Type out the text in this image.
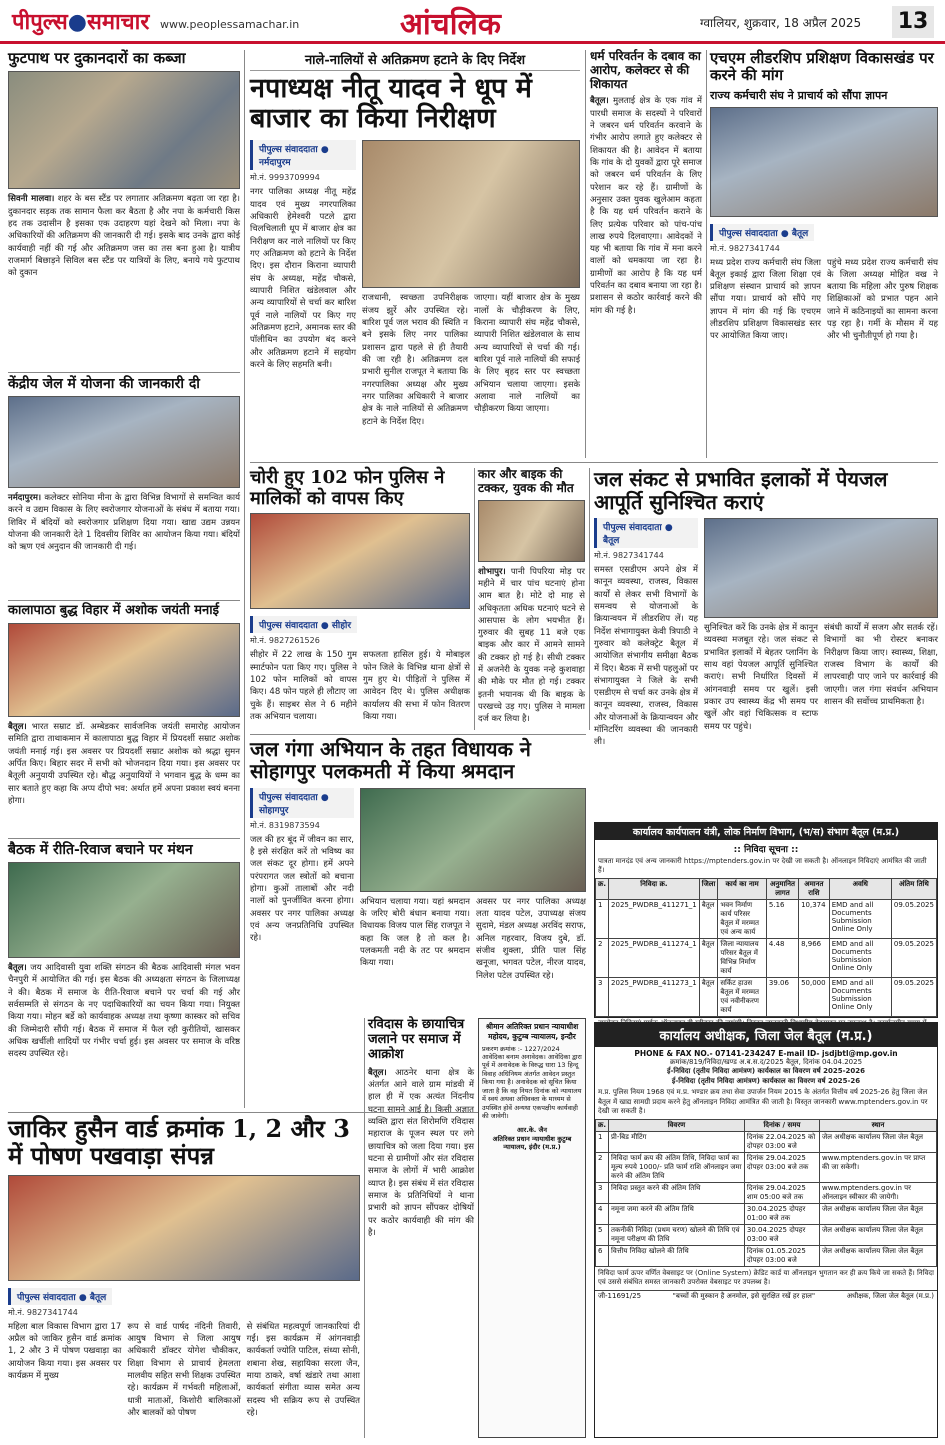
पीपुल्स●समाचार www.peoplessamachar.in	आंचलिक	ग्वालियर, शुक्रवार, 18 अप्रैल 2025 13
फुटपाथ पर दुकानदारों का कब्जा
सिवनी मालवा। शहर के बस स्टैंड पर लगातार अतिक्रमण बढ़ता जा रहा है। दुकानदार सड़क तक सामान फैला कर बैठता है और नपा के कर्मचारी किस हद तक उदासीन है इसका एक उदाहरण यहां देखने को मिला। नपा के अधिकारियों की अतिक्रमण की जानकारी दी गई। इसके बाद उनके द्वारा कोई कार्यवाही नहीं की गई और अतिक्रमण जस का तस बना हुआ है। यात्रीय राजमार्ग बिछाड़ने सिविल बस स्टैंड पर यात्रियों के लिए, बनाये गये फुटपाथ को दुकान
केंद्रीय जेल में योजना की जानकारी दी
नर्मदापुरम। कलेक्टर सोनिया मीना के द्वारा विभिन्न विभागों से समन्वित कार्य करने व उद्यम विकास के लिए स्वरोजगार योजनाओं के संबंध में बताया गया। शिविर में बंदियों को स्वरोजगार प्रशिक्षण दिया गया। खाद्य उद्यम उन्नयन योजना की जानकारी देते 1 दिवसीय शिविर का आयोजन किया गया। बंदियों को ऋण एवं अनुदान की जानकारी दी गई।
कालापाठा बुद्ध विहार में अशोक जयंती मनाई
बैतूल। भारत सम्राट डॉ. अम्बेडकर सार्वजनिक जयंती समारोह आयोजन समिति द्वारा ताथाकमान में कालापाठा बुद्ध विहार में प्रियदर्शी सम्राट अशोक जयंती मनाई गई। इस अवसर पर प्रियदर्शी सम्राट अशोक को श्रद्धा सुमन अर्पित किए। बिहार सदर में सभी को भोजनदान दिया गया। इस अवसर पर बैतूली अनुयायी उपस्थित रहे। बौद्ध अनुयायियों ने भगवान बुद्ध के धम्म का सार बताते हुए कहा कि अप्प दीपो भव: अर्थात हमें अपना प्रकाश स्वयं बनना होगा।
बैठक में रीति-रिवाज बचाने पर मंथन
बैतूल। जय आदिवासी युवा शक्ति संगठन की बैठक आदिवासी मंगल भवन चैनपुरी में आयोजित की गई। इस बैठक की अध्यक्षता संगठन के जिलाध्यक्ष ने की। बैठक में समाज के रीति-रिवाज बचाने पर चर्चा की गई और सर्वसम्मति से संगठन के नए पदाधिकारियों का चयन किया गया। नियुक्त किया गया। मोहन बर्डे को कार्यवाहक अध्यक्ष तथा कृष्णा कास्कर को सचिव की जिम्मेदारी सौंपी गई। बैठक में समाज में फैल रही कुरीतियों, खासकर अधिक खर्चीली शादियों पर गंभीर चर्चा हुई। इस अवसर पर समाज के वरिष्ठ सदस्य उपस्थित रहे।
नाले-नालियों से अतिक्रमण हटाने के दिए निर्देश
नपाध्यक्ष नीतू यादव ने धूप में बाजार का किया निरीक्षण
पीपुल्स संवाददाता ● नर्मदापुरम
मो.नं. 9993709994
नगर पालिका अध्यक्ष नीतू महेंद्र यादव एवं मुख्य नगरपालिका अधिकारी हेमेश्वरी पटले द्वारा चिलचिलाती धूप में बाजार क्षेत्र का निरीक्षण कर नाले नालियों पर किए गए अतिक्रमण को हटाने के निर्देश दिए। इस दौरान किराना व्यापारी संघ के अध्यक्ष, महेंद्र चौकसे, व्यापारी निशित खंडेलवाल और अन्य व्यापारियों से चर्चा कर बारिश पूर्व नाले नालियों पर किए गए अतिक्रमण हटाने, अमानक स्तर की पॉलीथिन का उपयोग बंद करने और अतिक्रमण हटाने में सहयोग करने के लिए सहमति बनी।
राजधानी, स्वच्छता उपनिरीक्षक संजय झुर्रे और उपस्थित रहे। बारिश पूर्व जल भराव की स्थिति न बने इसके लिए नगर पालिका प्रशासन द्वारा पहले से ही तैयारी की जा रही है। अतिक्रमण दल प्रभारी सुनील राजपूत ने बताया कि नगरपालिका अध्यक्ष और मुख्य नगर पालिका अधिकारी ने बाजार क्षेत्र के नाले नालियों से अतिक्रमण हटाने के निर्देश दिए।
जाएगा। यहीं बाजार क्षेत्र के मुख्य नालों के चौड़ीकरण के लिए, किराना व्यापारी संघ महेंद्र चौकसे, व्यापारी निशित खंडेलवाल के साथ अन्य व्यापारियों से चर्चा की गई। बारिश पूर्व नाले नालियों की सफाई के लिए बृहद स्तर पर स्वच्छता अभियान चलाया जाएगा। इसके अलावा नाले नालियों का चौड़ीकरण किया जाएगा।
धर्म परिवर्तन के दबाव का आरोप, कलेक्टर से की शिकायत
बैतूल। मुलताई क्षेत्र के एक गांव में पारधी समाज के सदस्यों ने परिवारों ने जबरन धर्म परिवर्तन करवाने के गंभीर आरोप लगाते हुए कलेक्टर से शिकायत की है। आवेदन में बताया कि गांव के दो युवकों द्वारा पूरे समाज को जबरन धर्म परिवर्तन के लिए परेशान कर रहे हैं। ग्रामीणों के अनुसार उक्त युवक खुलेआम कहता है कि यह धर्म परिवर्तन कराने के लिए प्रत्येक परिवार को पांच-पांच लाख रुपये दिलवाएगा। आवेदकों ने यह भी बताया कि गांव में मना करने वालों को धमकाया जा रहा है। ग्रामीणों का आरोप है कि यह धर्म परिवर्तन का दबाव बनाया जा रहा है। प्रशासन से कठोर कार्रवाई करने की मांग की गई है।
एचएम लीडरशिप प्रशिक्षण विकासखंड पर करने की मांग
राज्य कर्मचारी संघ ने प्राचार्य को सौंपा ज्ञापन
पीपुल्स संवाददाता ● बैतूल
मो.नं. 9827341744
मध्य प्रदेश राज्य कर्मचारी संघ जिला बैतूल इकाई द्वारा जिला शिक्षा एवं प्रशिक्षण संस्थान प्राचार्य को ज्ञापन सौंपा गया। प्राचार्य को सौंपे गए ज्ञापन में मांग की गई कि एचएम लीडरशिप प्रशिक्षण विकासखंड स्तर पर आयोजित किया जाए।
पहुंचे मध्य प्रदेश राज्य कर्मचारी संघ के जिला अध्यक्ष मोहित वख ने बताया कि महिला और पुरुष शिक्षक शिक्षिकाओं को प्रभात पहन आने जाने में कठिनाइयों का सामना करना पड़ रहा है। गर्मी के मौसम में यह और भी चुनौतीपूर्ण हो गया है।
चोरी हुए 102 फोन पुलिस ने मालिकों को वापस किए
पीपुल्स संवाददाता ● सीहोर
मो.नं. 9827261526
सीहोर में 22 लाख के 150 गुम स्मार्टफोन पता किए गए। पुलिस ने 102 फोन मालिकों को वापस किए। 48 फोन पहले ही लौटाए जा चुके हैं। साइबर सेल ने 6 महीने तक अभियान चलाया।
सफलता हासिल हुई। ये मोबाइल फोन जिले के विभिन्न थाना क्षेत्रों से गुम हुए थे। पीड़ितों ने पुलिस में आवेदन दिए थे। पुलिस अधीक्षक कार्यालय की सभा में फोन वितरण किया गया।
कार और बाइक की टक्कर, युवक की मौत
शोभापुर। पानी पिपरिया मोड़ पर महीने में चार पांच घटनाएं होना आम बात है। मोटे दो माह से अधिकृतता अधिक घटनाएं घटने से आसपास के लोग भयभीत हैं। गुरुवार की सुबह 11 बजे एक बाइक और कार में आमने सामने की टक्कर हो गई है। सीधी टक्कर में अजनेरी के युवक नन्हे कुशवाहा की मौके पर मौत हो गई। टक्कर इतनी भयानक थी कि बाइक के परखच्चे उड़ गए। पुलिस ने मामला दर्ज कर लिया है।
जल संकट से प्रभावित इलाकों में पेयजल आपूर्ति सुनिश्चित कराएं
पीपुल्स संवाददाता ● बैतूल
मो.नं. 9827341744
समस्त एसडीएम अपने क्षेत्र में कानून व्यवस्था, राजस्व, विकास कार्यों से लेकर सभी विभागों के समन्वय से योजनाओं के क्रियान्वयन में लीडरशिप लें। यह निर्देश संभागायुक्त केवी त्रिपाठी ने गुरुवार को कलेक्ट्रेट बैतूल में आयोजित संभागीय समीक्षा बैठक में दिए। बैठक में सभी पहलुओं पर संभागायुक्त ने जिले के सभी एसडीएम से चर्चा कर उनके क्षेत्र में कानून व्यवस्था, राजस्व, विकास और योजनाओं के क्रियान्वयन और मॉनिटरिंग व्यवस्था की जानकारी ली।
सुनिश्चित करें कि उनके क्षेत्र में कानून व्यवस्था मजबूत रहे। जल संकट से प्रभावित इलाकों में बेहतर प्लानिंग के साथ वहां पेयजल आपूर्ति सुनिश्चित कराएं। सभी निर्धारित दिवसों में आंगनवाड़ी समय पर खुलें। इसी प्रकार उप स्वास्थ्य केंद्र भी समय पर खुलें और वहां चिकित्सक व स्टाफ समय पर पहुंचे।
संबंधी कार्यों में सजग और सतर्क रहें। विभागों का भी रोस्टर बनाकर निरीक्षण किया जाए। स्वास्थ्य, शिक्षा, राजस्व विभाग के कार्यों की लापरवाही पाए जाने पर कार्रवाई की जाएगी। जल गंगा संवर्धन अभियान शासन की सर्वोच्च प्राथमिकता है।
जल गंगा अभियान के तहत विधायक ने सोहागपुर पलकमती में किया श्रमदान
पीपुल्स संवाददाता ● सोहागपुर
मो.नं. 8319873594
जल की हर बूंद में जीवन का सार, है इसे संरक्षित करें तो भविष्य का जल संकट दूर होगा। हमें अपने परंपरागत जल स्त्रोतों को बचाना होगा। कुओं तालाबों और नदी नालों को पुनर्जीवित करना होगा। अवसर पर नगर पालिका अध्यक्ष एवं अन्य जनप्रतिनिधि उपस्थित रहे।
अभियान चलाया गया। यहां श्रमदान के जरिए बोरी बंधान बनाया गया। विधायक विजय पाल सिंह राजपूत ने कहा कि जल है तो कल है। पलकमती नदी के तट पर श्रमदान किया गया।
अवसर पर नगर पालिका अध्यक्ष लता यादव पटेल, उपाध्यक्ष संजय सुदामे, मंडल अध्यक्ष अरविंद सराफ, अनिल गहरवार, विजय दुबे, डॉ. संजीव शुक्ला, प्रीति पाल सिंह खनूजा, भगवत पटेल, नीरज यादव, निलेश पटेल उपस्थित रहे।
कार्यालय कार्यपालन यंत्री, लोक निर्माण विभाग, (भ/स) संभाग बैतूल (म.प्र.)
:: निविदा सूचना ::
पात्रता मानदंड एवं अन्य जानकारी https://mptenders.gov.in पर देखी जा सकती है। ऑनलाइन निविदाएं आमंत्रित की जाती हैं।
क्र.	निविदा क्र.	जिला	कार्य का नाम	अनुमानित लागत	अमानत राशि	अवधि	अंतिम तिथि
1	2025_PWDRB_411271_1	बैतूल	भवन निर्माण कार्य परिसर बैतूल में मरम्मत एवं अन्य कार्य	5.16	10,374	EMD and all Documents Submission Online Only	09.05.2025
2	2025_PWDRB_411274_1	बैतूल	जिला न्यायालय परिसर बैतूल में विभिन्न निर्माण कार्य	4.48	8,966	EMD and all Documents Submission Online Only	09.05.2025
3	2025_PWDRB_411273_1	बैतूल	सर्किट हाउस बैतूल में मरम्मत एवं नवीनीकरण कार्य	39.06	50,000	EMD and all Documents Submission Online Only	09.05.2025
जाकिर हुसैन वार्ड क्रमांक 1, 2 और 3 में पोषण पखवाड़ा संपन्न
पीपुल्स संवाददाता ● बैतूल
मो.नं. 9827341744
महिला बाल विकास विभाग द्वारा 17 अप्रैल को जाकिर हुसैन वार्ड क्रमांक 1, 2 और 3 में पोषण पखवाड़ा का आयोजन किया गया। इस अवसर पर कार्यक्रम में मुख्य
रूप से वार्ड पार्षद नंदिनी तिवारी, आयुष विभाग से जिला आयुष अधिकारी डॉक्टर योगेश चौकीकर, शिक्षा विभाग से प्राचार्य हेमलता मालवीय सहित सभी शिक्षक उपस्थित रहे। कार्यक्रम में गर्भवती महिलाओं, धात्री माताओं, किशोरी बालिकाओं और बालकों को पोषण
से संबंधित महत्वपूर्ण जानकारियां दी गईं। इस कार्यक्रम में आंगनवाड़ी कार्यकर्ता ज्योति पाटिल, संध्या सोनी, शबाना शेख, सहायिका सरला जैन, माया ठाकरे, वर्षा खंडारे तथा आशा कार्यकर्ता संगीता व्यास समेत अन्य सदस्य भी सक्रिय रूप से उपस्थित रहे।
रविदास के छायाचित्र जलाने पर समाज में आक्रोश
बैतूल। आठनेर थाना क्षेत्र के अंतर्गत आने वाले ग्राम मांडवी में हाल ही में एक अत्यंत निंदनीय घटना सामने आई है। किसी अज्ञात व्यक्ति द्वारा संत शिरोमणि रविदास महाराज के पूजन स्थल पर लगे छायाचित्र को जला दिया गया। इस घटना से ग्रामीणों और संत रविदास समाज के लोगों में भारी आक्रोश व्याप्त है। इस संबंध में संत रविदास समाज के प्रतिनिधियों ने थाना प्रभारी को ज्ञापन सौंपकर दोषियों पर कठोर कार्यवाही की मांग की है।
श्रीमान अतिरिक्त प्रधान न्यायाधीश महोदय, कुटुम्ब न्यायालय, इन्दौर
प्रकरण क्रमांक :- 1227/2024 आवेदिका बनाम अनावेदक। आवेदिका द्वारा पूर्व में अनावेदक के विरुद्ध धारा 13 हिन्दू विवाह अधिनियम अंतर्गत आवेदन प्रस्तुत किया गया है। अनावेदक को सूचित किया जाता है कि वह नियत दिनांक को न्यायालय में स्वयं अथवा अधिवक्ता के माध्यम से उपस्थित होवें अन्यथा एकपक्षीय कार्यवाही की जावेगी।
आर.के. जैन
अतिरिक्त प्रधान न्यायाधीश कुटुम्ब न्यायालय, इंदौर (म.प्र.)
कार्यालय अधीक्षक, जिला जेल बैतूल (म.प्र.)
PHONE & FAX NO.- 07141-234247 E-mail ID- jsdjbtl@mp.gov.in
क्रमांक/819/निविदा/खण्ड अ.ब.स.द/2025 बैतूल, दिनांक 04.04.2025
ई-निविदा (तृतीय निविदा आमंत्रण) कार्यकाल का विवरण वर्ष 2025-2026
ई-निविदा (तृतीय निविदा आमंत्रण) कार्यकाल का विवरण वर्ष 2025-26
म.प्र. पुलिस नियम 1968 एवं म.प्र. भण्डार क्रय तथा सेवा उपार्जन नियम 2015 के अंतर्गत वित्तीय वर्ष 2025-26 हेतु जिला जेल बैतूल में खाद्य सामग्री प्रदाय करने हेतु ऑनलाइन निविदा आमंत्रित की जाती है। विस्तृत जानकारी www.mptenders.gov.in पर देखी जा सकती है।
क्र.	विवरण	दिनांक / समय	स्थान
1	प्री-बिड मीटिंग	दिनांक 22.04.2025 को दोपहर 03:00 बजे	जेल अधीक्षक कार्यालय जिला जेल बैतूल
2	निविदा फार्म क्रय की अंतिम तिथि, निविदा फार्म का मूल्य रुपये 1000/- प्रति फार्म राशि ऑनलाइन जमा करने की अंतिम तिथि	दिनांक 29.04.2025 दोपहर 03:00 बजे तक	www.mptenders.gov.in पर प्राप्त की जा सकेगी।
3	निविदा प्रस्तुत करने की अंतिम तिथि	दिनांक 29.04.2025 शाम 05:00 बजे तक	www.mptenders.gov.in पर ऑनलाइन स्वीकार की जायेगी।
4	नमूना जमा करने की अंतिम तिथि	30.04.2025 दोपहर 01:00 बजे तक	जेल अधीक्षक कार्यालय जिला जेल बैतूल
5	तकनीकी निविदा (प्रथम चरण) खोलने की तिथि एवं नमूना परीक्षण की तिथि	30.04.2025 दोपहर 03:00 बजे	जेल अधीक्षक कार्यालय जिला जेल बैतूल
6	वित्तीय निविदा खोलने की तिथि	दिनांक 01.05.2025 दोपहर 03:00 बजे	जेल अधीक्षक कार्यालय जिला जेल बैतूल
निविदा फार्म ऊपर वर्णित वेबसाइट पर (Online System) क्रेडिट कार्ड या ऑनलाइन भुगतान कर ही क्रय किये जा सकते हैं। निविदा एवं उससे संबंधित समस्त जानकारी उपरोक्त वेबसाइट पर उपलब्ध है।
जी-11691/25	"बच्चों की मुस्कान है अनमोल, इसे सुरक्षित रखें हर हाल"	अधीक्षक, जिला जेल बैतूल (म.प्र.)
